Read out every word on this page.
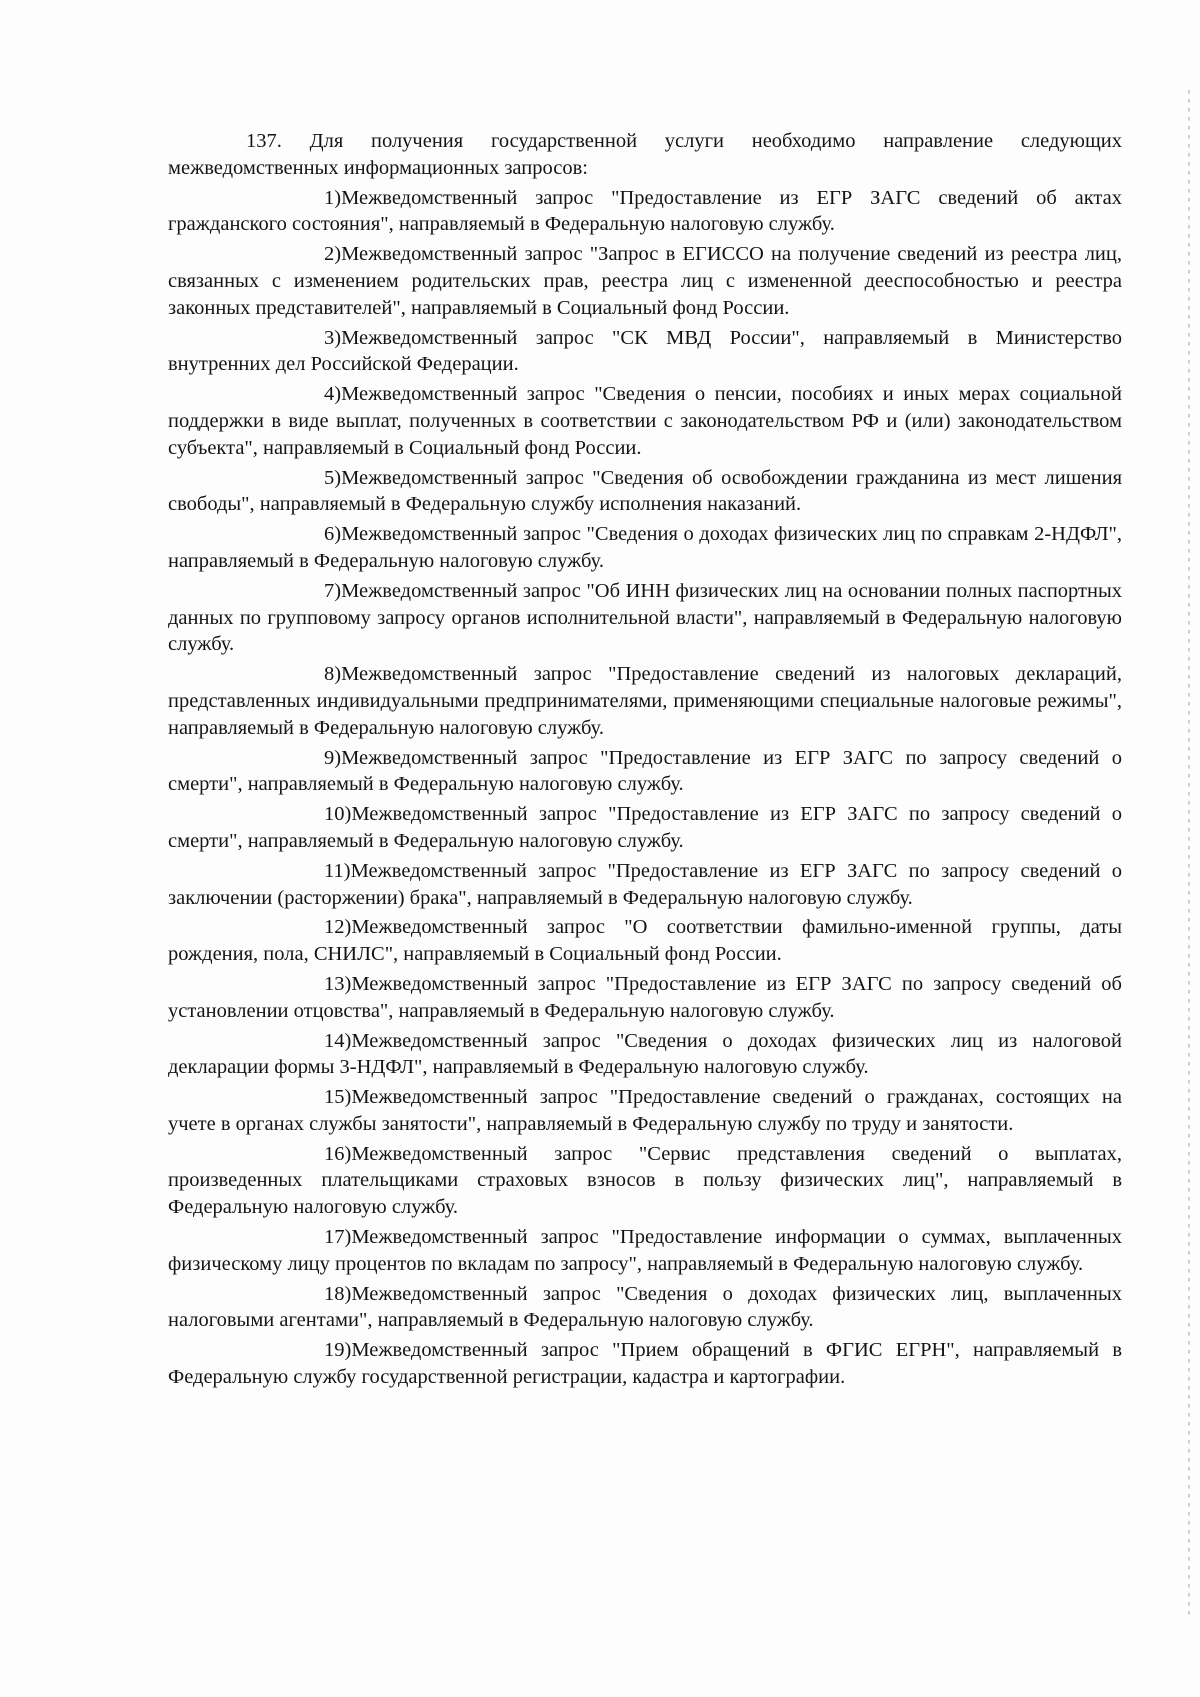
137. Для получения государственной услуги необходимо направление следующих межведомственных информационных запросов:

1)Межведомственный запрос "Предоставление из ЕГР ЗАГС сведений об актах гражданского состояния", направляемый в Федеральную налоговую службу.

2)Межведомственный запрос "Запрос в ЕГИССО на получение сведений из реестра лиц, связанных с изменением родительских прав, реестра лиц с измененной дееспособностью и реестра законных представителей", направляемый в Социальный фонд России.

3)Межведомственный запрос "СК МВД России", направляемый в Министерство внутренних дел Российской Федерации.

4)Межведомственный запрос "Сведения о пенсии, пособиях и иных мерах социальной поддержки в виде выплат, полученных в соответствии с законодательством РФ и (или) законодательством субъекта", направляемый в Социальный фонд России.

5)Межведомственный запрос "Сведения об освобождении гражданина из мест лишения свободы", направляемый в Федеральную службу исполнения наказаний.

6)Межведомственный запрос "Сведения о доходах физических лиц по справкам 2-НДФЛ", направляемый в Федеральную налоговую службу.

7)Межведомственный запрос "Об ИНН физических лиц на основании полных паспортных данных по групповому запросу органов исполнительной власти", направляемый в Федеральную налоговую службу.

8)Межведомственный запрос "Предоставление сведений из налоговых деклараций, представленных индивидуальными предпринимателями, применяющими специальные налоговые режимы", направляемый в Федеральную налоговую службу.

9)Межведомственный запрос "Предоставление из ЕГР ЗАГС по запросу сведений о смерти", направляемый в Федеральную налоговую службу.

10)Межведомственный запрос "Предоставление из ЕГР ЗАГС по запросу сведений о смерти", направляемый в Федеральную налоговую службу.

11)Межведомственный запрос "Предоставление из ЕГР ЗАГС по запросу сведений о заключении (расторжении) брака", направляемый в Федеральную налоговую службу.

12)Межведомственный запрос "О соответствии фамильно-именной группы, даты рождения, пола, СНИЛС", направляемый в Социальный фонд России.

13)Межведомственный запрос "Предоставление из ЕГР ЗАГС по запросу сведений об установлении отцовства", направляемый в Федеральную налоговую службу.

14)Межведомственный запрос "Сведения о доходах физических лиц из налоговой декларации формы 3-НДФЛ", направляемый в Федеральную налоговую службу.

15)Межведомственный запрос "Предоставление сведений о гражданах, состоящих на учете в органах службы занятости", направляемый в Федеральную службу по труду и занятости.

16)Межведомственный запрос "Сервис представления сведений о выплатах, произведенных плательщиками страховых взносов в пользу физических лиц", направляемый в Федеральную налоговую службу.

17)Межведомственный запрос "Предоставление информации о суммах, выплаченных физическому лицу процентов по вкладам по запросу", направляемый в Федеральную налоговую службу.

18)Межведомственный запрос "Сведения о доходах физических лиц, выплаченных налоговыми агентами", направляемый в Федеральную налоговую службу.

19)Межведомственный запрос "Прием обращений в ФГИС ЕГРН", направляемый в Федеральную службу государственной регистрации, кадастра и картографии.
